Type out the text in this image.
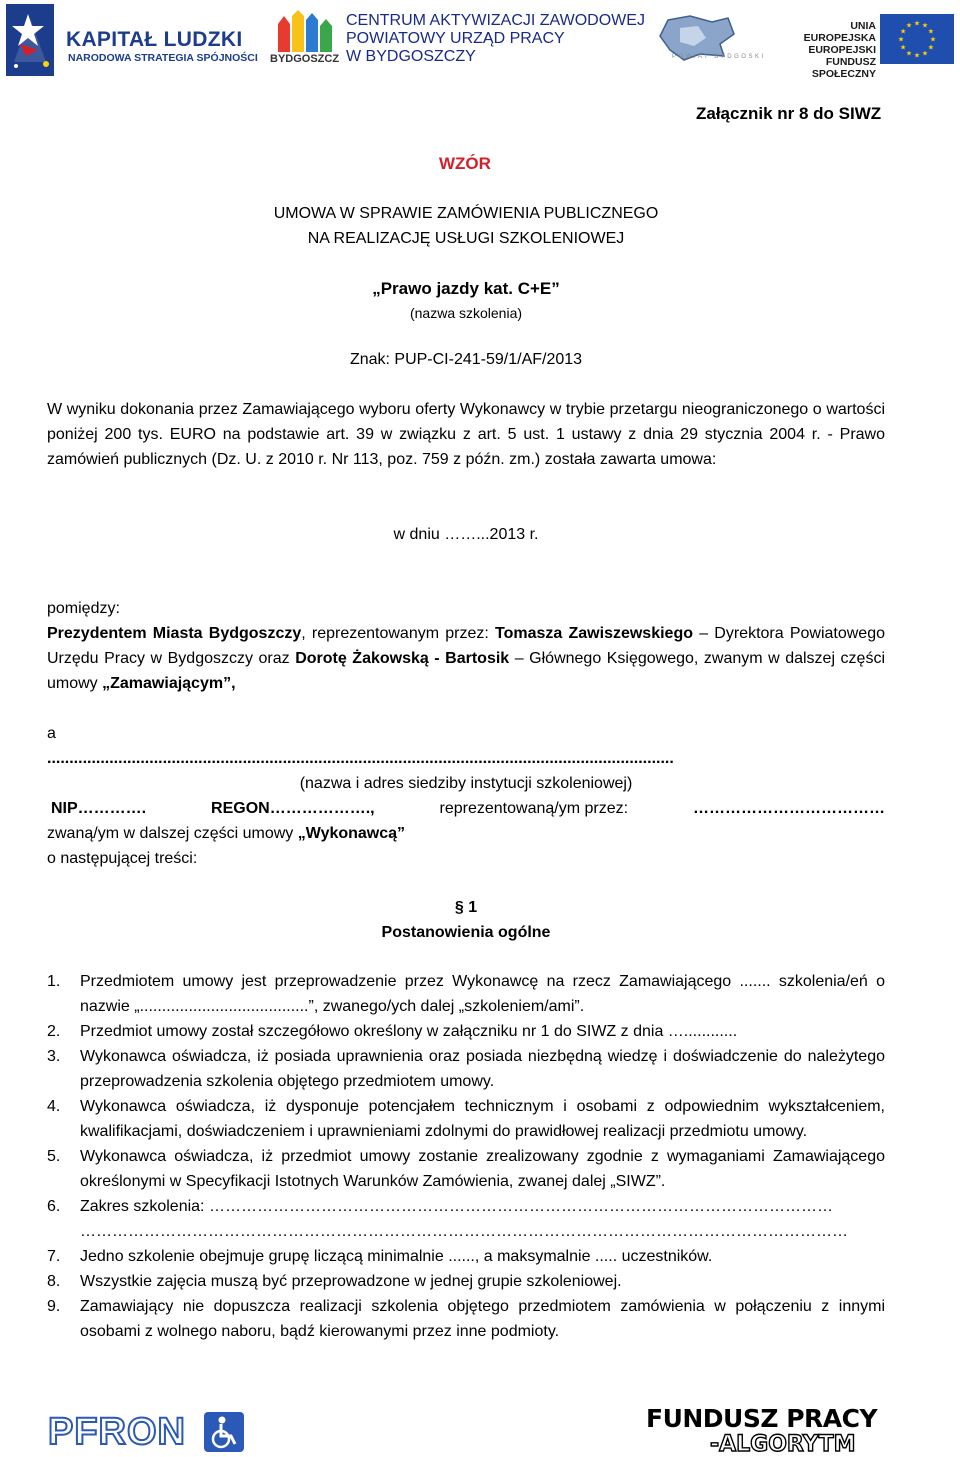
KAPITAŁ LUDZKI
NARODOWA STRATEGIA SPÓJNOŚCI BYDGOSZCZ
CENTRUM AKTYWIZACJI ZAWODOWEJ
POWIATOWY URZĄD PRACY
W BYDGOSZCZY	POWIAT BYDGOSKI
UNIA EUROPEJSKA
EUROPEJSKI
FUNDUSZ SPOŁECZNY
★ ★
★
★
★
★
★
★
★
★
★
★
Załącznik nr 8 do SIWZ
WZÓR
UMOWA W SPRAWIE ZAMÓWIENIA PUBLICZNEGO
NA REALIZACJĘ USŁUGI SZKOLENIOWEJ
„Prawo jazdy kat. C+E”
(nazwa szkolenia)
Znak: PUP-CI-241-59/1/AF/2013
W wyniku dokonania przez Zamawiającego wyboru oferty Wykonawcy w trybie przetargu nieograniczonego o wartości poniżej 200 tys. EURO na podstawie art. 39 w związku z art. 5 ust. 1 ustawy z dnia 29 stycznia 2004 r. - Prawo zamówień publicznych (Dz. U. z 2010 r. Nr 113, poz. 759 z późn. zm.) została zawarta umowa:
w dniu ……...2013 r.
pomiędzy:
Prezydentem Miasta Bydgoszczy, reprezentowanym przez: Tomasza Zawiszewskiego – Dyrektora Powiatowego Urzędu Pracy w Bydgoszczy oraz Dorotę Żakowską - Bartosik – Głównego Księgowego, zwanym w dalszej części umowy „Zamawiającym”,
a
.............................................................................................................................................
(nazwa i adres siedziby instytucji szkoleniowej)
NIP………….	REGON……………….,	reprezentowaną/ym przez:	………………………………
zwaną/ym w dalszej części umowy „Wykonawcą”
o następującej treści:
§ 1
Postanowienia ogólne
1. Przedmiotem umowy jest przeprowadzenie przez Wykonawcę na rzecz Zamawiającego ....... szkolenia/eń o nazwie „......................................”, zwanego/ych dalej „szkoleniem/ami”.
2. Przedmiot umowy został szczegółowo określony w załączniku nr 1 do SIWZ z dnia …............
3. Wykonawca oświadcza, iż posiada uprawnienia oraz posiada niezbędną wiedzę i doświadczenie do należytego przeprowadzenia szkolenia objętego przedmiotem umowy.
4. Wykonawca oświadcza, iż dysponuje potencjałem technicznym i osobami z odpowiednim wykształceniem, kwalifikacjami, doświadczeniem i uprawnieniami zdolnymi do prawidłowej realizacji przedmiotu umowy.
5. Wykonawca oświadcza, iż przedmiot umowy zostanie zrealizowany zgodnie z wymaganiami Zamawiającego określonymi w Specyfikacji Istotnych Warunków Zamówienia, zwanej dalej „SIWZ”.
6. Zakres szkolenia: ……………………………………………………………………………………………………… ………………………………………………………………………………………………………………………………
7. Jedno szkolenie obejmuje grupę liczącą minimalnie ......, a maksymalnie ..... uczestników.
8. Wszystkie zajęcia muszą być przeprowadzone w jednej grupie szkoleniowej.
9. Zamawiający nie dopuszcza realizacji szkolenia objętego przedmiotem zamówienia w połączeniu z innymi osobami z wolnego naboru, bądź kierowanymi przez inne podmioty.
PFRON	FUNDUSZ PRACY
-ALGORYTM
